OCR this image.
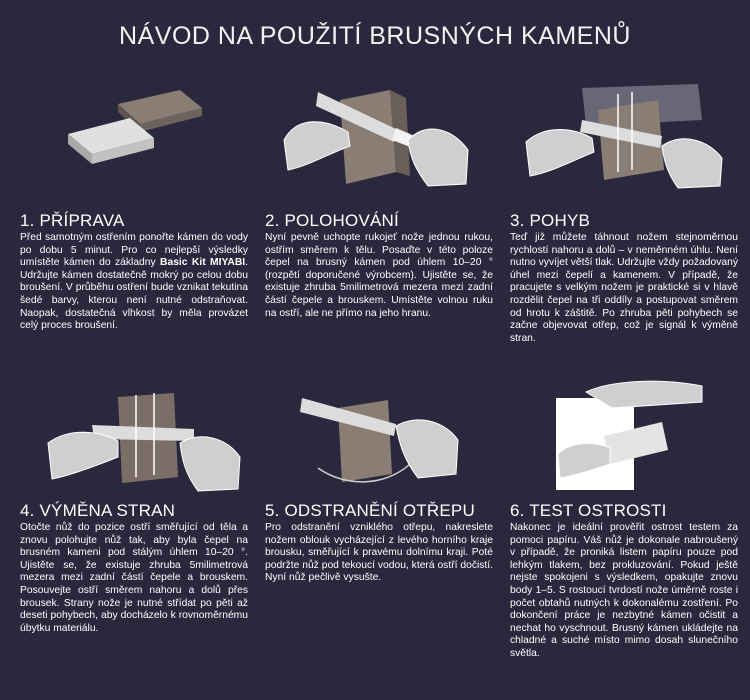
NÁVOD NA POUŽITÍ BRUSNÝCH KAMENŮ
1. PŘÍPRAVA

Před samotným ostřením ponořte kámen do vody po dobu 5 minut. Pro co nejlepší výsledky umístěte kámen do základny Basic Kit MIYABI. Udržujte kámen dostatečně mokrý po celou dobu broušení. V průběhu ostření bude vznikat tekutina šedé barvy, kterou není nutné odstraňovat. Naopak, dostatečná vlhkost by měla provázet celý proces broušení.

2. POLOHOVÁNÍ

Nyní pevně uchopte rukojeť nože jednou rukou, ostřím směrem k tělu. Posaďte v této poloze čepel na brusný kámen pod úhlem 10–20 ° (rozpětí doporučené výrobcem). Ujistěte se, že existuje zhruba 5milimetrová mezera mezi zadní částí čepele a brouskem. Umístěte volnou ruku na ostří, ale ne přímo na jeho hranu.

3. POHYB

Teď již můžete táhnout nožem stejnoměrnou rychlostí nahoru a dolů – v neměnném úhlu. Není nutno vyvíjet větší tlak. Udržujte vždy požadovaný úhel mezi čepelí a kamenem. V případě, že pracujete s velkým nožem je praktické si v hlavě rozdělit čepel na tři oddíly a postupovat směrem od hrotu k záštitě. Po zhruba pěti pohybech se začne objevovat otřep, což je signál k výměně stran.

4. VÝMĚNA STRAN

Otočte nůž do pozice ostří směřující od těla a znovu polohujte nůž tak, aby byla čepel na brusném kameni pod stálým úhlem 10–20 °. Ujistěte se, že existuje zhruba 5milimetrová mezera mezi zadní částí čepele a brouskem. Posouvejte ostří směrem nahoru a dolů přes brousek. Strany nože je nutné střídat po pěti až deseti pohybech, aby docházelo k rovnoměrnému úbytku materiálu.

5. ODSTRANĚNÍ OTŘEPU

Pro odstranění vzniklého otřepu, nakreslete nožem oblouk vycházející z levého horního kraje brousku, směřující k pravému dolnímu kraji. Poté podržte nůž pod tekoucí vodou, která ostří dočistí. Nyní nůž pečlivě vysušte.

6. TEST OSTROSTI

Nakonec je ideální prověřit ostrost testem za pomoci papíru. Váš nůž je dokonale nabroušený v případě, že proniká listem papíru pouze pod lehkým tlakem, bez prokluzování. Pokud ještě nejste spokojeni s výsledkem, opakujte znovu body 1–5. S rostoucí tvrdostí nože úměrně roste i počet obtahů nutných k dokonalému zostření. Po dokončení práce je nezbytné kámen očistit a nechat ho vyschnout. Brusný kámen ukládejte na chladné a suché místo mimo dosah slunečního světla.
